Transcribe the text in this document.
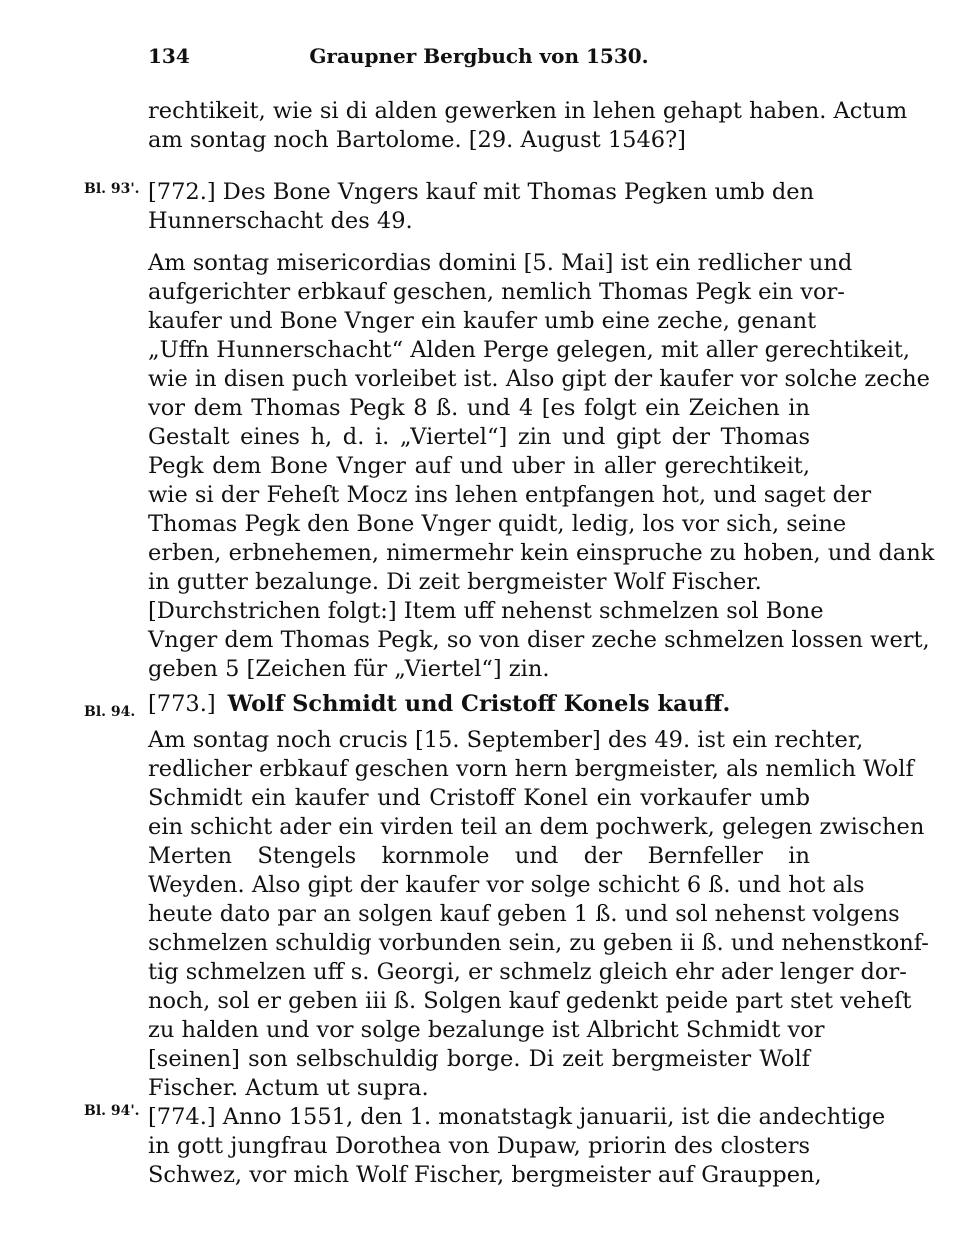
134	Graupner Bergbuch von 1530.
Bl. 93'.
Bl. 94.
Bl. 94'.
rechtikeit, wie si di alden gewerken in lehen gehapt haben. Actum
am sontag noch Bartolome. [29. August 1546?]
[772.] Des Bone Vngers kauf mit Thomas Pegken umb den
Hunnerschacht des 49.
Am sontag misericordias domini [5. Mai] ist ein redlicher und
aufgerichter erbkauf geschen, nemlich Thomas Pegk ein vor-
kaufer und Bone Vnger ein kaufer umb eine zeche, genant
„Uffn Hunnerschacht“ Alden Perge gelegen, mit aller gerechtikeit,
wie in disen puch vorleibet ist. Also gipt der kaufer vor solche zeche
vor dem Thomas Pegk 8 ß. und 4 [es folgt ein Zeichen in
Gestalt eines h, d. i. „Viertel“] zin und gipt der Thomas
Pegk dem Bone Vnger auf und uber in aller gerechtikeit,
wie si der Feheſt Mocz ins lehen entpfangen hot, und saget der
Thomas Pegk den Bone Vnger quidt, ledig, los vor sich, seine
erben, erbnehemen, nimermehr kein einspruche zu hoben, und dank
in gutter bezalunge. Di zeit bergmeister Wolf Fischer.
[Durchstrichen folgt:] Item uff nehenst schmelzen sol Bone
Vnger dem Thomas Pegk, so von diser zeche schmelzen lossen wert,
geben 5 [Zeichen für „Viertel“] zin.
[773.] Wolf Schmidt und Cristoff Konels kauff.
Am sontag noch crucis [15. September] des 49. ist ein rechter,
redlicher erbkauf geschen vorn hern bergmeister, als nemlich Wolf
Schmidt ein kaufer und Cristoff Konel ein vorkaufer umb
ein schicht ader ein virden teil an dem pochwerk, gelegen zwischen
Merten Stengels kornmole und der Bernfeller in
Weyden. Also gipt der kaufer vor solge schicht 6 ß. und hot als
heute dato par an solgen kauf geben 1 ß. und sol nehenst volgens
schmelzen schuldig vorbunden sein, zu geben ii ß. und nehenstkonf-
tig schmelzen uff s. Georgi, er schmelz gleich ehr ader lenger dor-
noch, sol er geben iii ß. Solgen kauf gedenkt peide part stet veheſt
zu halden und vor solge bezalunge ist Albricht Schmidt vor
[seinen] son selbschuldig borge. Di zeit bergmeister Wolf
Fischer. Actum ut supra.
[774.] Anno 1551, den 1. monatstagk januarii, ist die andechtige
in gott jungfrau Dorothea von Dupaw, priorin des closters
Schwez, vor mich Wolf Fischer, bergmeister auf Grauppen,
